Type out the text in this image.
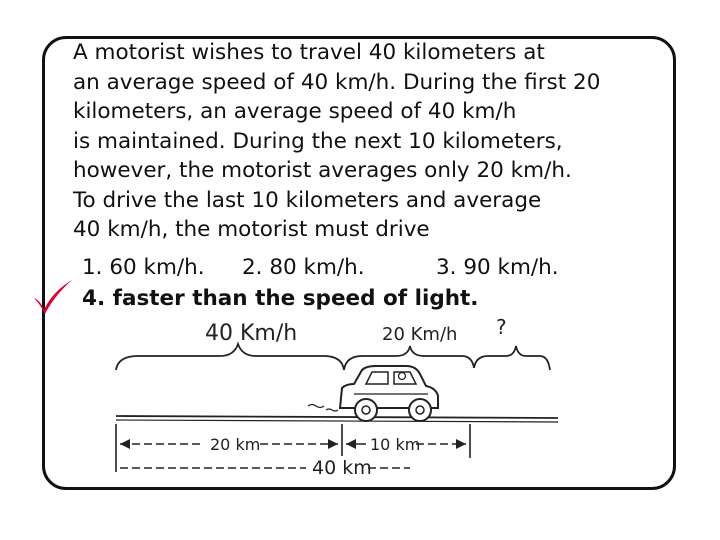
A motorist wishes to travel 40 kilometers at
an average speed of 40 km/h. During the first 20
kilometers, an average speed of 40 km/h
is maintained. During the next 10 kilometers,
however, the motorist averages only 20 km/h.
To drive the last 10 kilometers and average
40 km/h, the motorist must drive
1. 60 km/h. 2. 80 km/h.	3. 90 km/h.
4. faster than the speed of light.
40 Km/h	20 Km/h ?
20 km	10 km
40 km
